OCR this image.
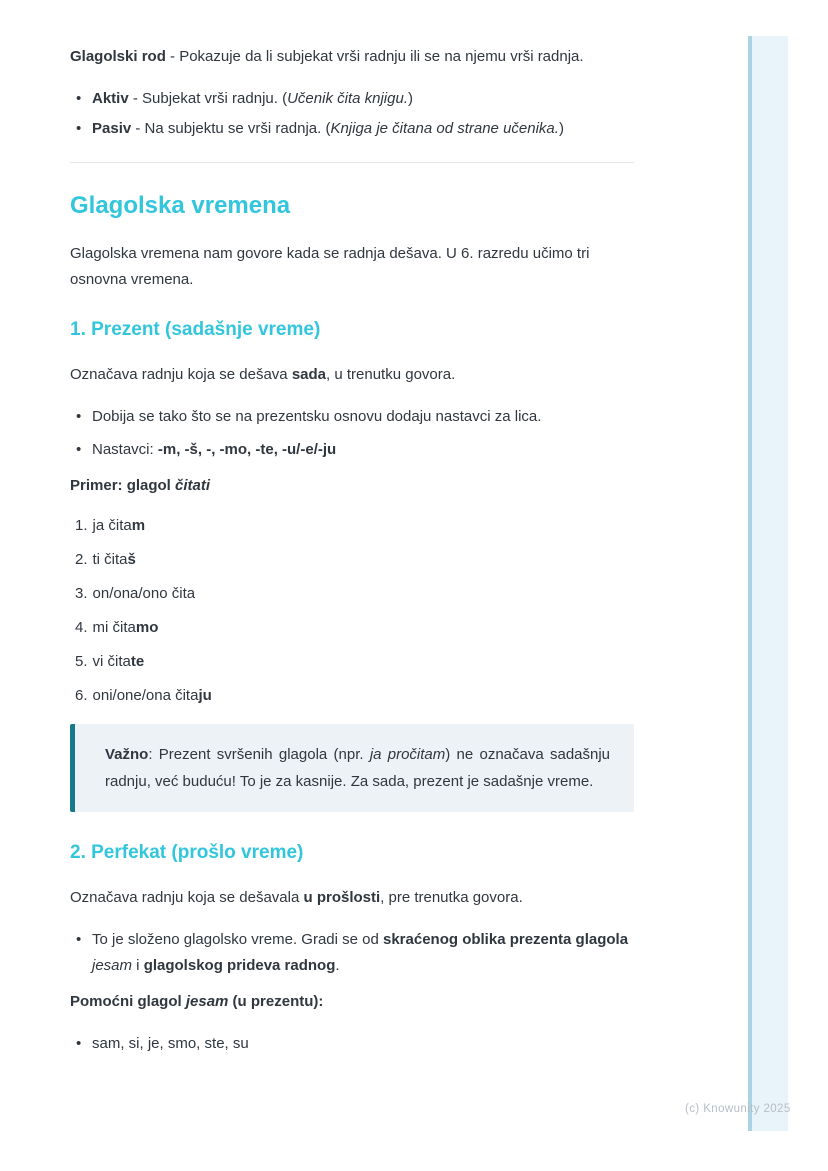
(c) Knowunity 2025

Glagolski rod - Pokazuje da li subjekat vrši radnju ili se na njemu vrši radnja.

• Aktiv - Subjekat vrši radnju. (Učenik čita knjigu.)
• Pasiv - Na subjektu se vrši radnja. (Knjiga je čitana od strane učenika.)
Glagolska vremena

Glagolska vremena nam govore kada se radnja dešava. U 6. razredu učimo tri osnovna vremena.

1. Prezent (sadašnje vreme)

Označava radnju koja se dešava sada, u trenutku govora.

• Dobija se tako što se na prezentsku osnovu dodaju nastavci za lica.
• Nastavci: -m, -š, -, -mo, -te, -u/-e/-ju

Primer: glagol čitati

1. ja čitam
2. ti čitaš
3. on/ona/ono čita
4. mi čitamo
5. vi čitate
6. oni/one/ona čitaju
Važno: Prezent svršenih glagola (npr. ja pročitam) ne označava sadašnju radnju, već buduću! To je za kasnije. Za sada, prezent je sadašnje vreme.
2. Perfekat (prošlo vreme)

Označava radnju koja se dešavala u prošlosti, pre trenutka govora.

• To je složeno glagolsko vreme. Gradi se od skraćenog oblika prezenta glagola jesam i glagolskog prideva radnog.

Pomoćni glagol jesam (u prezentu):

• sam, si, je, smo, ste, su
